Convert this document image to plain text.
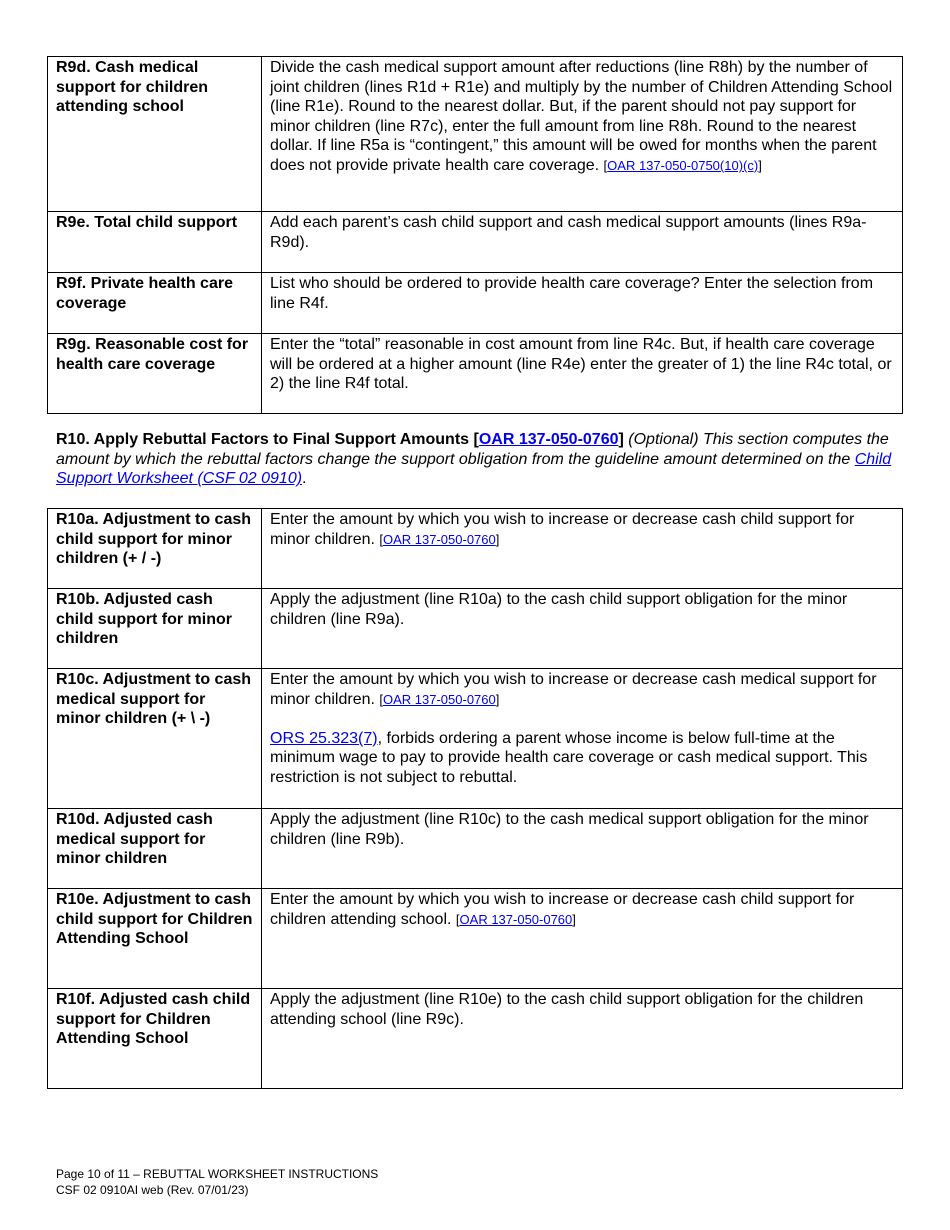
R9d. Cash medical support for children attending school	Divide the cash medical support amount after reductions (line R8h) by the number of joint children (lines R1d + R1e) and multiply by the number of Children Attending School (line R1e). Round to the nearest dollar. But, if the parent should not pay support for minor children (line R7c), enter the full amount from line R8h. Round to the nearest dollar. If line R5a is “contingent,” this amount will be owed for months when the parent does not provide private health care coverage. [OAR 137-050-0750(10)(c)]
R9e. Total child support	Add each parent’s cash child support and cash medical support amounts (lines R9a-R9d).
R9f. Private health care coverage	List who should be ordered to provide health care coverage? Enter the selection from line R4f.
R9g. Reasonable cost for health care coverage	Enter the “total” reasonable in cost amount from line R4c. But, if health care coverage will be ordered at a higher amount (line R4e) enter the greater of 1) the line R4c total, or 2) the line R4f total.
R10. Apply Rebuttal Factors to Final Support Amounts [OAR 137-050-0760] (Optional) This section computes the amount by which the rebuttal factors change the support obligation from the guideline amount determined on the Child Support Worksheet (CSF 02 0910).
R10a. Adjustment to cash child support for minor children (+ / -)	Enter the amount by which you wish to increase or decrease cash child support for minor children. [OAR 137-050-0760]
R10b. Adjusted cash child support for minor children	Apply the adjustment (line R10a) to the cash child support obligation for the minor children (line R9a).
R10c. Adjustment to cash medical support for minor children (+ \ -)	Enter the amount by which you wish to increase or decrease cash medical support for minor children. [OAR 137-050-0760]
ORS 25.323(7), forbids ordering a parent whose income is below full-time at the minimum wage to pay to provide health care coverage or cash medical support. This restriction is not subject to rebuttal.

R10d. Adjusted cash medical support for minor children	Apply the adjustment (line R10c) to the cash medical support obligation for the minor children (line R9b).
R10e. Adjustment to cash child support for Children Attending School	Enter the amount by which you wish to increase or decrease cash child support for children attending school. [OAR 137-050-0760]
R10f. Adjusted cash child support for Children Attending School	Apply the adjustment (line R10e) to the cash child support obligation for the children attending school (line R9c).
Page 10 of 11 – REBUTTAL WORKSHEET INSTRUCTIONS
CSF 02 0910AI web (Rev. 07/01/23)
